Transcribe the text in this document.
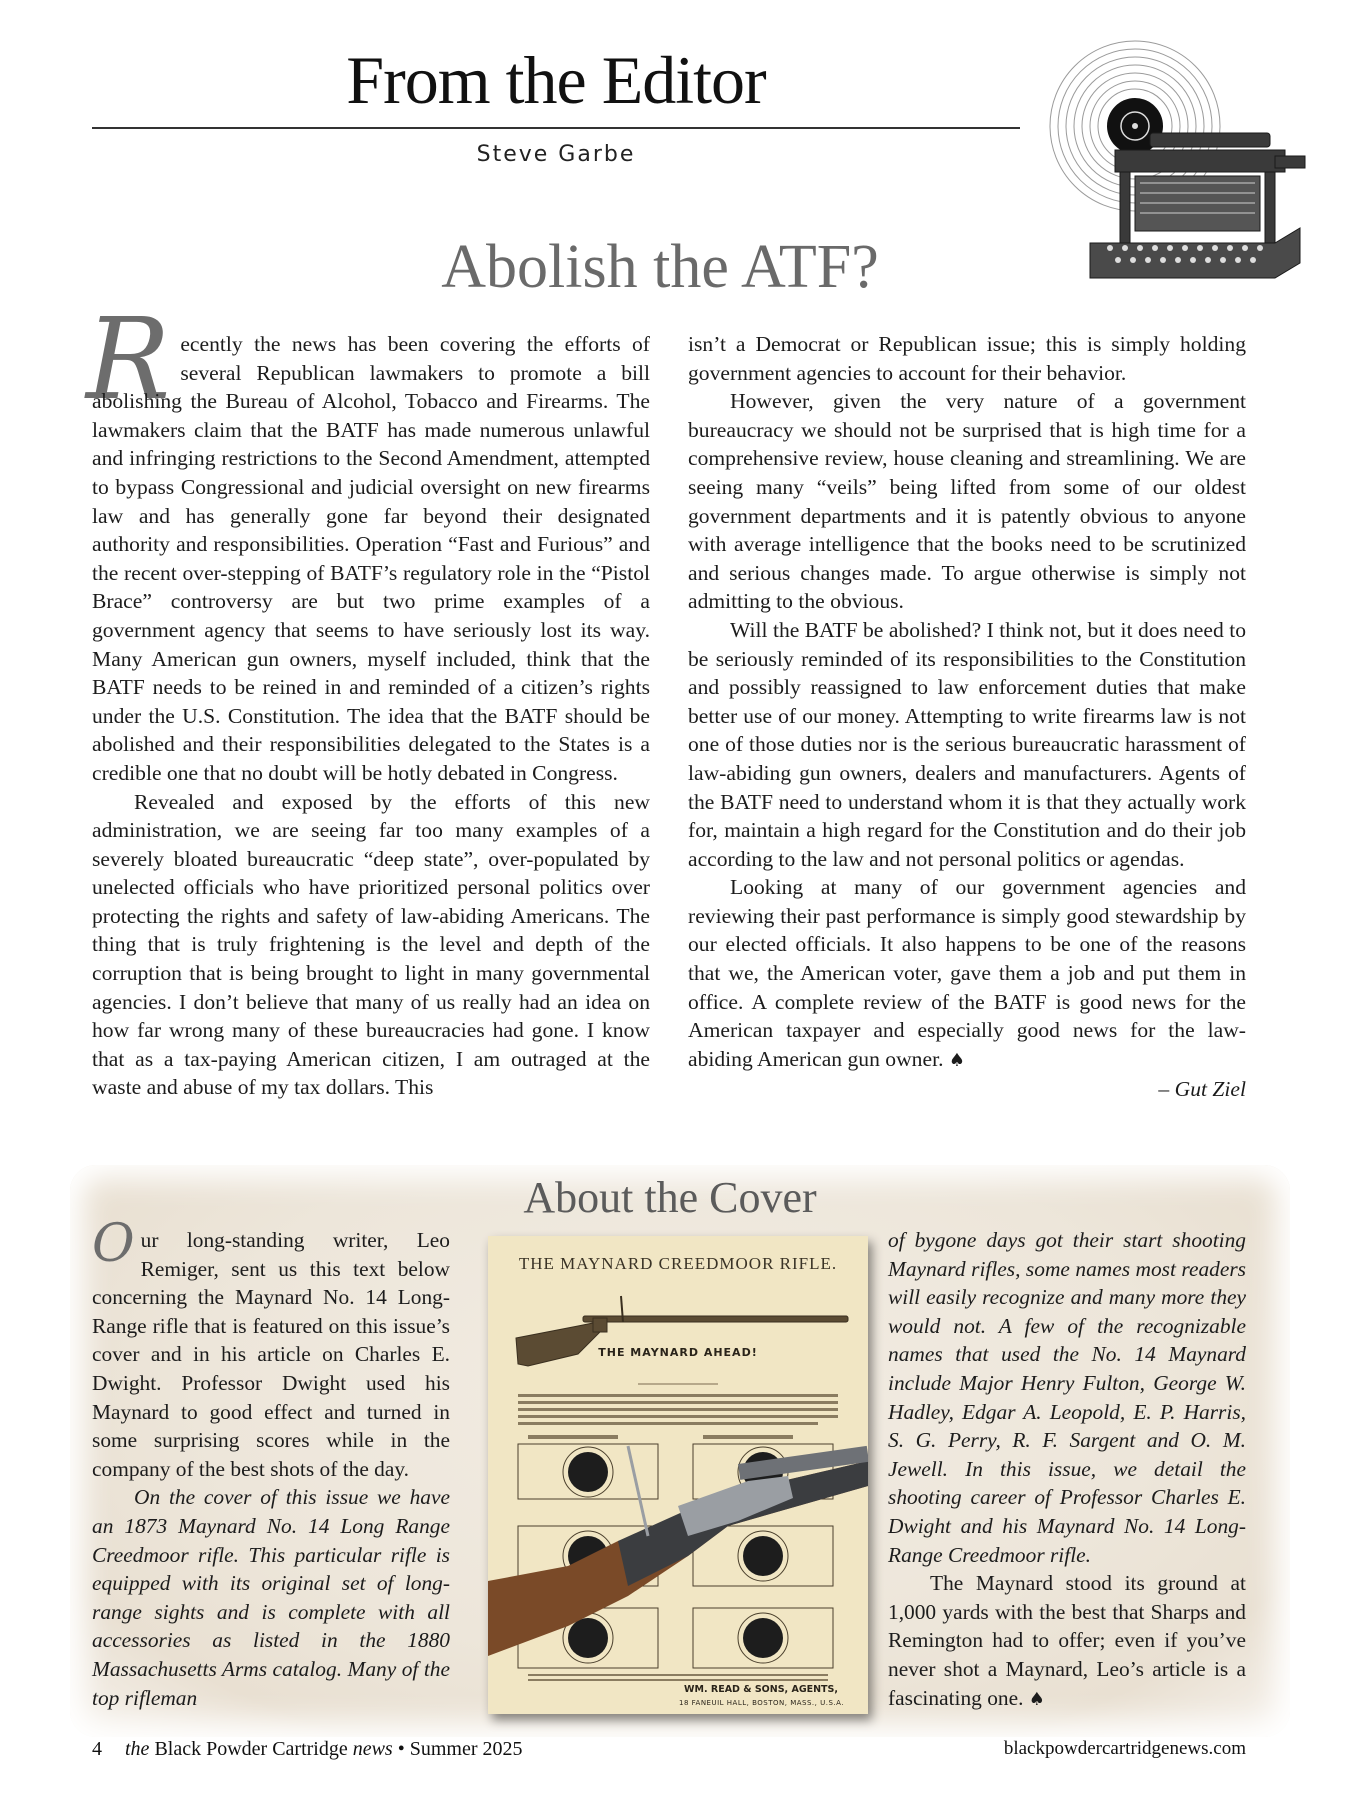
From the Editor
Steve Garbe
Abolish the ATF?

Recently the news has been covering the efforts of several Republican lawmakers to promote a bill abolishing the Bureau of Alcohol, Tobacco and Firearms. The lawmakers claim that the BATF has made numerous unlawful and infringing restrictions to the Second Amendment, attempted to bypass Congressional and judicial oversight on new firearms law and has generally gone far beyond their designated authority and responsibilities. Operation “Fast and Furious” and the recent over-stepping of BATF’s regulatory role in the “Pistol Brace” controversy are but two prime examples of a government agency that seems to have seriously lost its way. Many American gun owners, myself included, think that the BATF needs to be reined in and reminded of a citizen’s rights under the U.S. Constitution. The idea that the BATF should be abolished and their responsibilities delegated to the States is a credible one that no doubt will be hotly debated in Congress.

Revealed and exposed by the efforts of this new administration, we are seeing far too many examples of a severely bloated bureaucratic “deep state”, over-populated by unelected officials who have prioritized personal politics over protecting the rights and safety of law-abiding Americans. The thing that is truly frightening is the level and depth of the corruption that is being brought to light in many governmental agencies. I don’t believe that many of us really had an idea on how far wrong many of these bureaucracies had gone. I know that as a tax-paying American citizen, I am outraged at the waste and abuse of my tax dollars. This

isn’t a Democrat or Republican issue; this is simply holding government agencies to account for their behavior.

However, given the very nature of a government bureaucracy we should not be surprised that is high time for a comprehensive review, house cleaning and streamlining. We are seeing many “veils” being lifted from some of our oldest government departments and it is patently obvious to anyone with average intelligence that the books need to be scrutinized and serious changes made. To argue otherwise is simply not admitting to the obvious.

Will the BATF be abolished? I think not, but it does need to be seriously reminded of its responsibilities to the Constitution and possibly reassigned to law enforcement duties that make better use of our money. Attempting to write firearms law is not one of those duties nor is the serious bureaucratic harassment of law-abiding gun owners, dealers and manufacturers. Agents of the BATF need to understand whom it is that they actually work for, maintain a high regard for the Constitution and do their job according to the law and not personal politics or agendas.

Looking at many of our government agencies and reviewing their past performance is simply good stewardship by our elected officials. It also happens to be one of the reasons that we, the American voter, gave them a job and put them in office. A complete review of the BATF is good news for the American taxpayer and especially good news for the law-abiding American gun owner. ♠

– Gut Ziel

About the Cover

Our long-standing writer, Leo Remiger, sent us this text below concerning the Maynard No. 14 Long-Range rifle that is featured on this issue’s cover and in his article on Charles E. Dwight. Professor Dwight used his Maynard to good effect and turned in some surprising scores while in the company of the best shots of the day.

On the cover of this issue we have an 1873 Maynard No. 14 Long Range Creedmoor rifle. This particular rifle is equipped with its original set of long-range sights and is complete with all accessories as listed in the 1880 Massachusetts Arms catalog. Many of the top rifleman

THE MAYNARD CREEDMOOR RIFLE.
THE MAYNARD AHEAD!
WM. READ & SONS, AGENTS,
18 FANEUIL HALL, BOSTON, MASS., U.S.A.

of bygone days got their start shooting Maynard rifles, some names most readers will easily recognize and many more they would not. A few of the recognizable names that used the No. 14 Maynard include Major Henry Fulton, George W. Hadley, Edgar A. Leopold, E. P. Harris, S. G. Perry, R. F. Sargent and O. M. Jewell. In this issue, we detail the shooting career of Professor Charles E. Dwight and his Maynard No. 14 Long-Range Creedmoor rifle.

The Maynard stood its ground at 1,000 yards with the best that Sharps and Remington had to offer; even if you’ve never shot a Maynard, Leo’s article is a fascinating one. ♠

4 the Black Powder Cartridge news • Summer 2025	blackpowdercartridgenews.com
